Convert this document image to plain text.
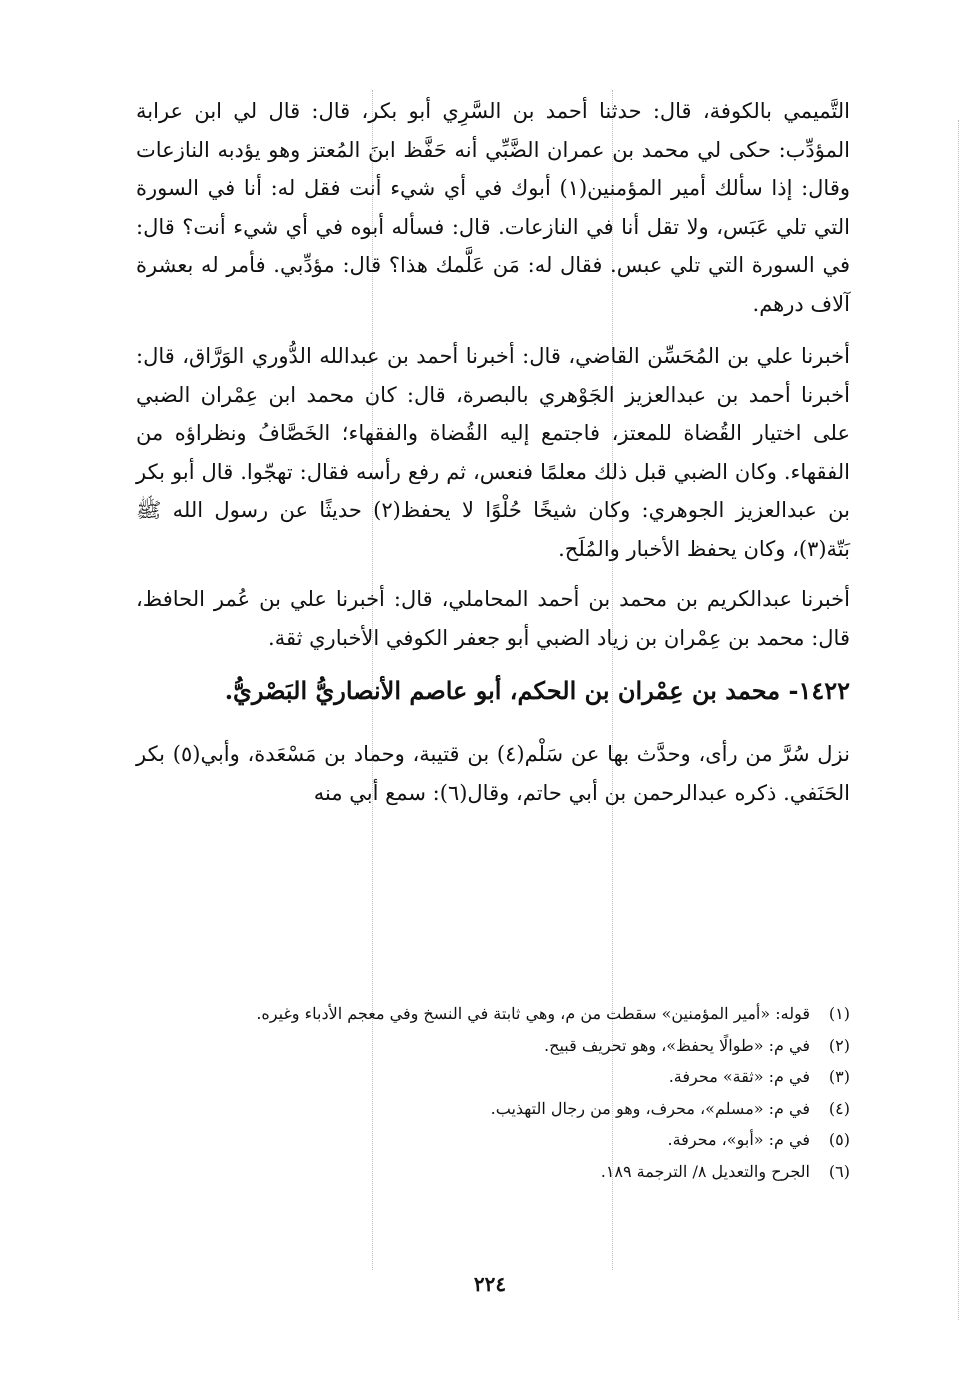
التَّميمي بالكوفة، قال: حدثنا أحمد بن السَّرِي أبو بكر، قال: قال لي ابن عرابة المؤدِّب: حكى لي محمد بن عمران الضَّبِّي أنه حَفَّظ ابنَ المُعتز وهو يؤدبه النازعات وقال: إذا سألك أمير المؤمنين(١) أبوك في أي شيء أنت فقل له: أنا في السورة التي تلي عَبَس، ولا تقل أنا في النازعات. قال: فسأله أبوه في أي شيء أنت؟ قال: في السورة التي تلي عبس. فقال له: مَن عَلَّمك هذا؟ قال: مؤدِّبي. فأمر له بعشرة آلاف درهم.

أخبرنا علي بن المُحَسِّن القاضي، قال: أخبرنا أحمد بن عبدالله الدُّوري الوَرَّاق، قال: أخبرنا أحمد بن عبدالعزيز الجَوْهري بالبصرة، قال: كان محمد ابن عِمْران الضبي على اختيار القُضاة للمعتز، فاجتمع إليه القُضاة والفقهاء؛ الخَصَّافُ ونظراؤه من الفقهاء. وكان الضبي قبل ذلك معلمًا فنعس، ثم رفع رأسه فقال: تهجّوا. قال أبو بكر بن عبدالعزيز الجوهري: وكان شيخًا حُلْوًا لا يحفظ(٢) حديثًا عن رسول الله ﷺ بَتّة(٣)، وكان يحفظ الأخبار والمُلَح.

أخبرنا عبدالكريم بن محمد بن أحمد المحاملي، قال: أخبرنا علي بن عُمر الحافظ، قال: محمد بن عِمْران بن زياد الضبي أبو جعفر الكوفي الأخباري ثقة.

١٤٢٢- محمد بن عِمْران بن الحكم، أبو عاصم الأنصاريُّ البَصْريُّ.

نزل سُرَّ من رأى، وحدَّث بها عن سَلْم(٤) بن قتيبة، وحماد بن مَسْعَدة، وأبي(٥) بكر الحَنَفي. ذكره عبدالرحمن بن أبي حاتم، وقال(٦): سمع أبي منه

(١)
قوله: «أمير المؤمنين» سقطت من م، وهي ثابتة في النسخ وفي معجم الأدباء وغيره.
(٢)
في م: «طوالًا يحفظ»، وهو تحريف قبيح.
(٣)
في م: «ثقة» محرفة.
(٤)
في م: «مسلم»، محرف، وهو من رجال التهذيب.
(٥)
في م: «أبو»، محرفة.
(٦)
الجرح والتعديل ٨/ الترجمة ١٨٩.
٢٢٤
